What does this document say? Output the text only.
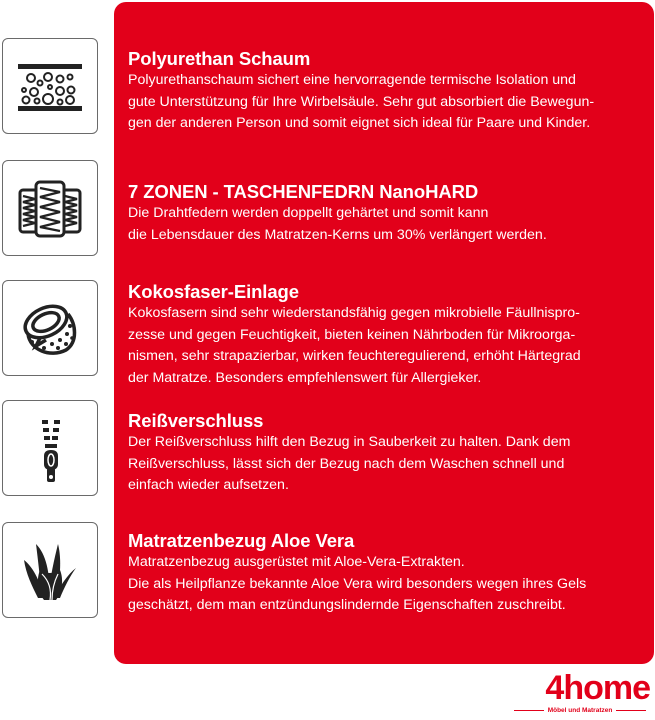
Polyurethan Schaum
Polyurethanschaum sichert eine hervorragende termische Isolation und
gute Unterstützung für Ihre Wirbelsäule. Sehr gut absorbiert die Bewegun-
gen der anderen Person und somit eignet sich ideal für Paare und Kinder.
7 ZONEN - TASCHENFEDRN NanoHARD
Die Drahtfedern werden doppellt gehärtet und somit kann
die Lebensdauer des Matratzen-Kerns um 30% verlängert werden.
Kokosfaser-Einlage
Kokosfasern sind sehr wiederstandsfähig gegen mikrobielle Fäullnispro-
zesse und gegen Feuchtigkeit, bieten keinen Nährboden für Mikroorga-
nismen, sehr strapazierbar, wirken feuchteregulierend, erhöht Härtegrad
der Matratze. Besonders empfehlenswert für Allergieker.
Reißverschluss
Der Reißverschluss hilft den Bezug in Sauberkeit zu halten. Dank dem
Reißverschluss, lässt sich der Bezug nach dem Waschen schnell und
einfach wieder aufsetzen.
Matratzenbezug Aloe Vera
Matratzenbezug ausgerüstet mit Aloe-Vera-Extrakten.
Die als Heilpflanze bekannte Aloe Vera wird besonders wegen ihres Gels
geschätzt, dem man entzündungslindernde Eigenschaften zuschreibt.
4home
Möbel und Matratzen
